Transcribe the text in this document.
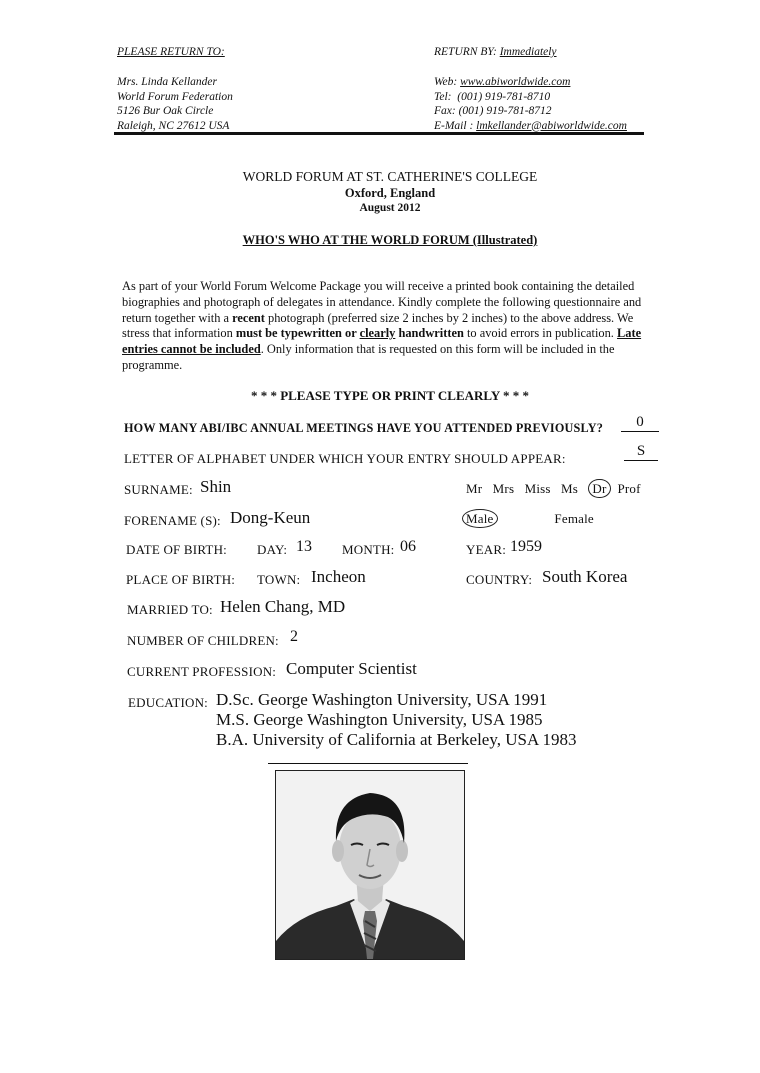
PLEASE RETURN TO:	RETURN BY: Immediately
Mrs. Linda Kellander
World Forum Federation
5126 Bur Oak Circle
Raleigh, NC 27612 USA
Web: www.abiworldwide.com
Tel: (001) 919-781-8710
Fax: (001) 919-781-8712
E-Mail : lmkellander@abiworldwide.com
WORLD FORUM AT ST. CATHERINE'S COLLEGE
Oxford, England
August 2012
WHO'S WHO AT THE WORLD FORUM (Illustrated)
As part of your World Forum Welcome Package you will receive a printed book containing the detailed biographies and photograph of delegates in attendance. Kindly complete the following questionnaire and return together with a recent photograph (preferred size 2 inches by 2 inches) to the above address. We stress that information must be typewritten or clearly handwritten to avoid errors in publication. Late entries cannot be included. Only information that is requested on this form will be included in the programme.
* * * PLEASE TYPE OR PRINT CLEARLY * * *
HOW MANY ABI/IBC ANNUAL MEETINGS HAVE YOU ATTENDED PREVIOUSLY?	0
LETTER OF ALPHABET UNDER WHICH YOUR ENTRY SHOULD APPEAR:	S
SURNAME: Shin	Mr Mrs Miss Ms Dr Prof
FORENAME (S): Dong-Keun	Male	Female
DATE OF BIRTH: DAY: 13 MONTH: 06	YEAR: 1959
PLACE OF BIRTH: TOWN: Incheon	COUNTRY: South Korea
MARRIED TO: Helen Chang, MD
NUMBER OF CHILDREN: 2
CURRENT PROFESSION: Computer Scientist
EDUCATION: D.Sc. George Washington University, USA 1991
M.S. George Washington University, USA 1985
B.A. University of California at Berkeley, USA 1983
